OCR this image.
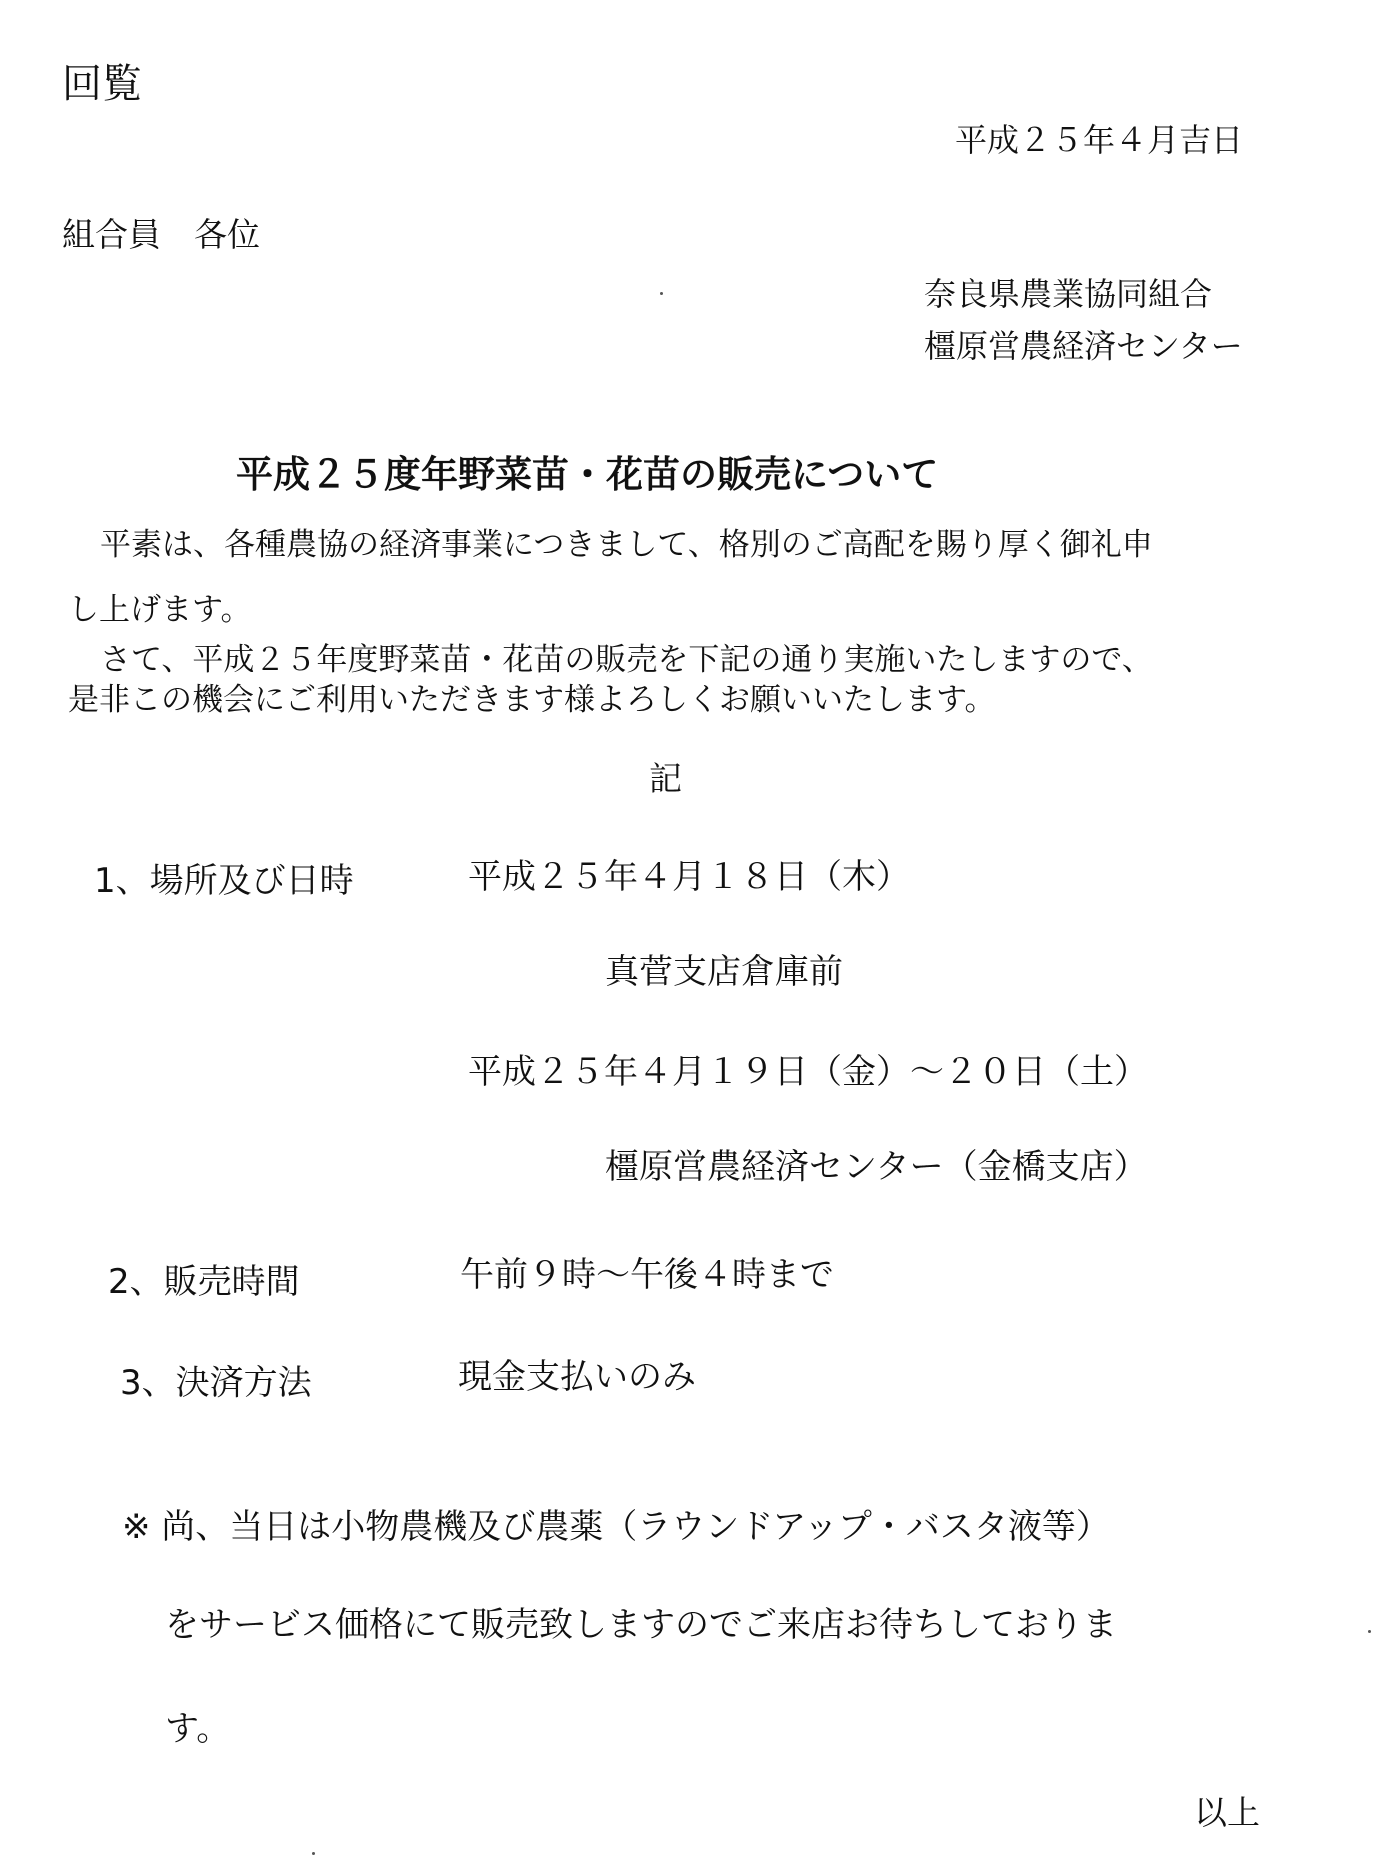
回覧
平成２５年４月吉日
組合員　各位
奈良県農業協同組合
橿原営農経済センター
平成２５度年野菜苗・花苗の販売について
平素は、各種農協の経済事業につきまして、格別のご高配を賜り厚く御礼申
し上げます。
さて、平成２５年度野菜苗・花苗の販売を下記の通り実施いたしますので、
是非この機会にご利用いただきます様よろしくお願いいたします。
記
1、場所及び日時	平成２５年４月１８日（木）
真菅支店倉庫前
平成２５年４月１９日（金）～２０日（土）
橿原営農経済センター（金橋支店）
2、販売時間	午前９時～午後４時まで
3、決済方法	現金支払いのみ
※ 尚、当日は小物農機及び農薬（ラウンドアップ・バスタ液等）
をサービス価格にて販売致しますのでご来店お待ちしておりま
す。
以上
